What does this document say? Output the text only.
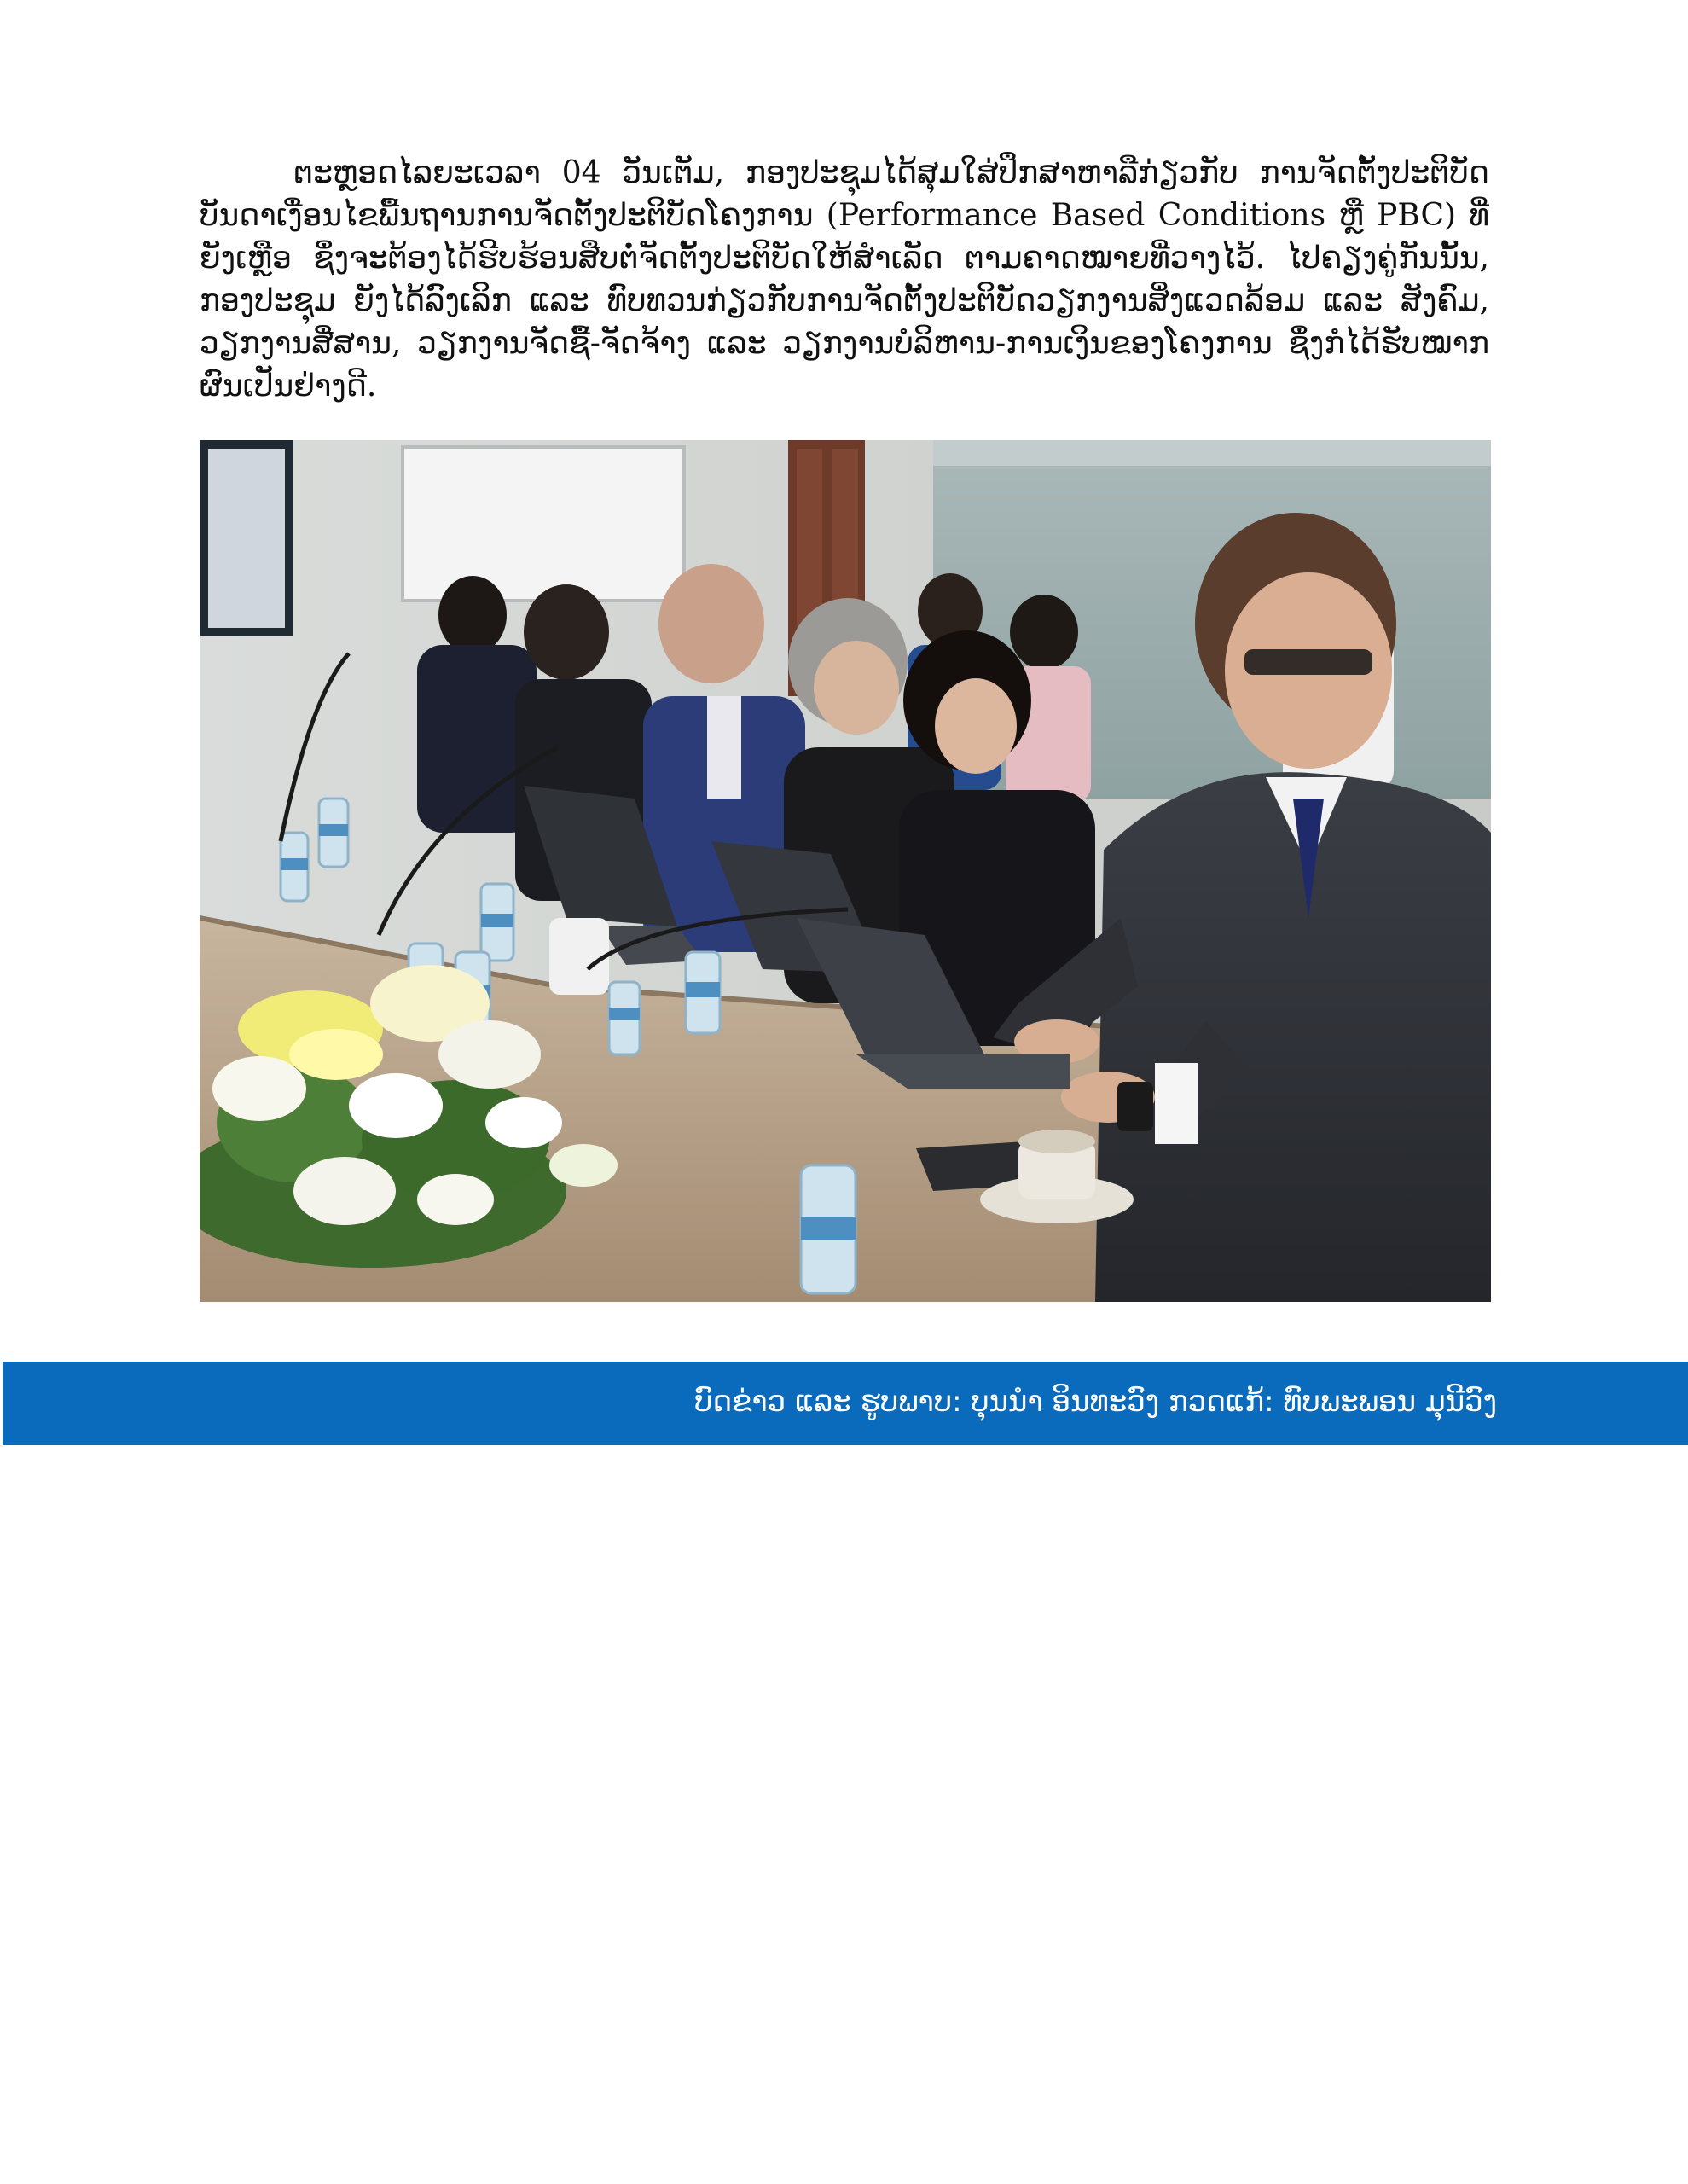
ຕະຫຼອດໄລຍະເວລາ 04 ວັນເຕັມ, ກອງປະຊຸມໄດ້ສຸມໃສ່ປຶກສາຫາລືກ່ຽວກັບ ການຈັດຕັ້ງປະຕິບັດບັນດາເງື່ອນໄຂພື້ນຖານການຈັດຕັ້ງປະຕິບັດໂຄງການ (Performance Based Conditions ຫຼື PBC) ທີ່ຍັງເຫຼືອ ຊຶ່ງຈະຕ້ອງໄດ້ຮີບຮ້ອນສືບຕໍ່ຈັດຕັ້ງປະຕິບັດໃຫ້ສຳເລັດ ຕາມຄາດໝາຍທີ່ວາງໄວ້. ໄປຄຽງຄູ່ກັນນັ້ນ, ກອງປະຊຸມ ຍັງໄດ້ລົງເລິກ ແລະ ທົບທວນກ່ຽວກັບການຈັດຕັ້ງປະຕິບັດວຽກງານສິ່ງແວດລ້ອມ ແລະ ສັງຄົມ, ວຽກງານສື່ສານ, ວຽກງານຈັດຊື້-ຈັດຈ້າງ ແລະ ວຽກງານບໍລິຫານ-ການເງິນຂອງໂຄງການ ຊຶ່ງກໍໄດ້ຮັບໝາກຜົນເປັນຢ່າງດີ.

ບົດຂ່າວ ແລະ ຮູບພາບ: ບຸນນຳ ອິນທະວົງ ກວດແກ້: ທົບພະພອນ ມຸນີວົງ
